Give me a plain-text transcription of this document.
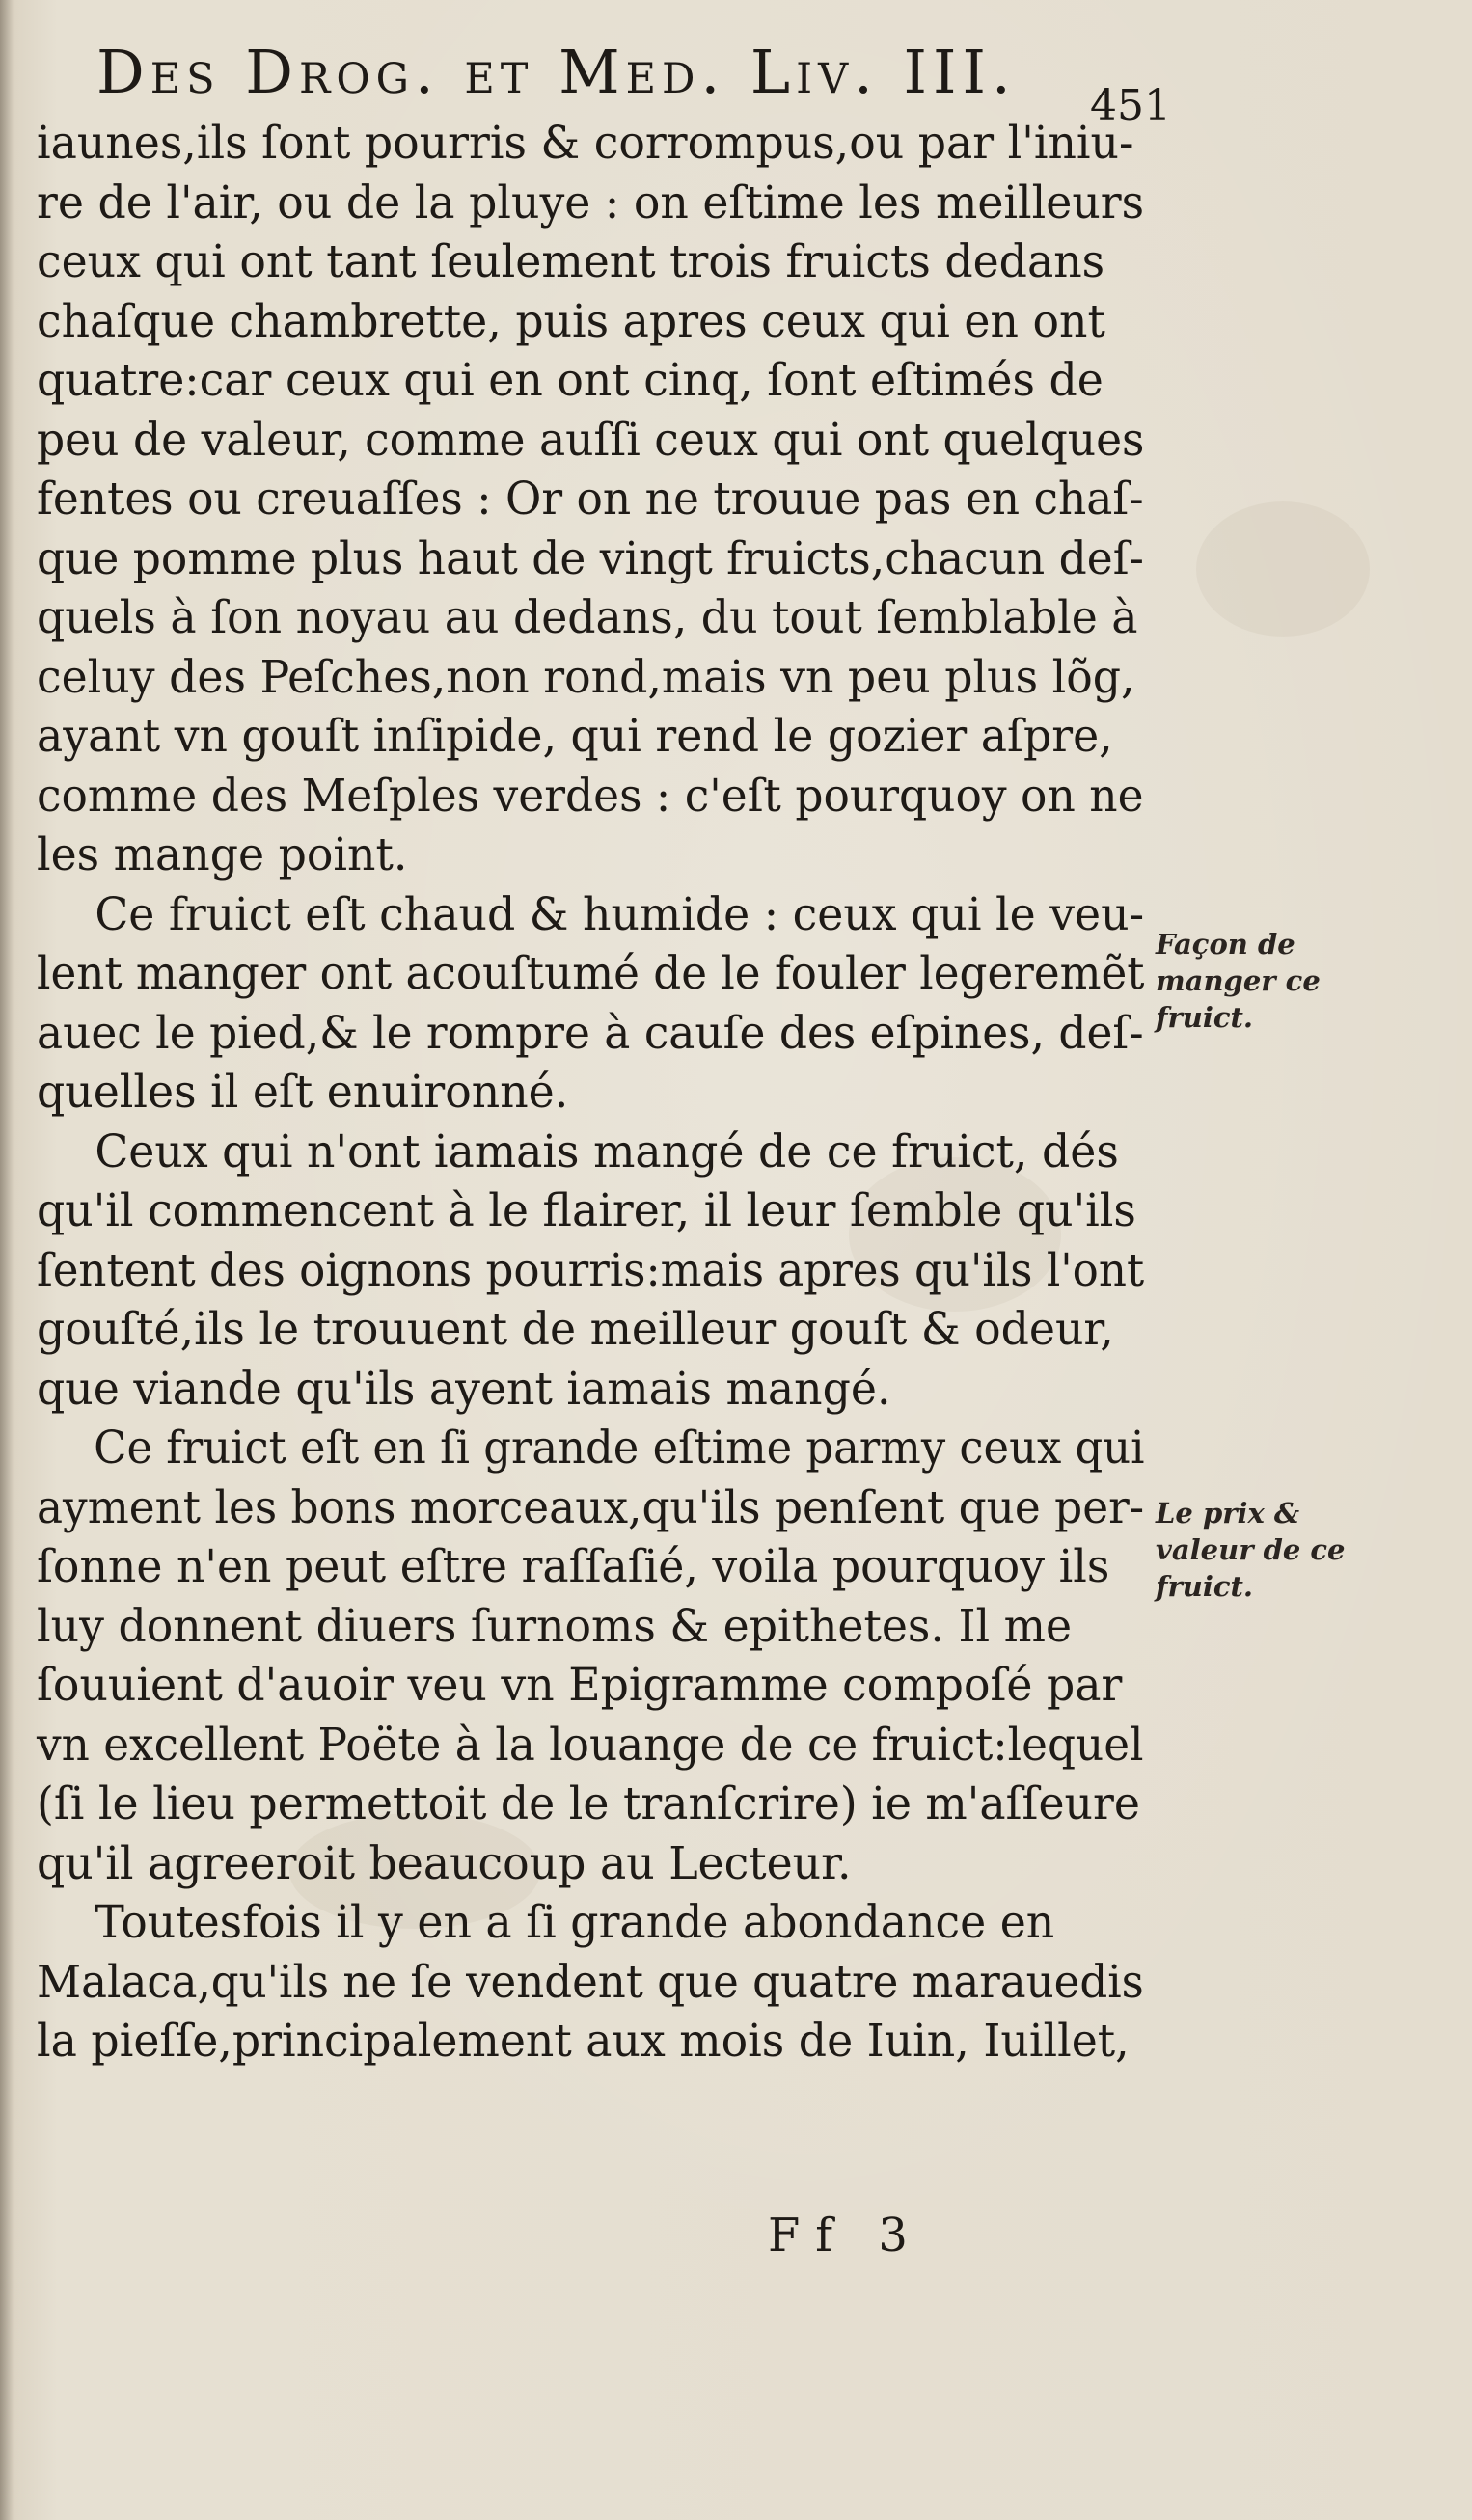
Des Drog. et Med. Liv. III. 451
iaunes,ils ſont pourris & corrompus,ou par l'iniu-
re de l'air, ou de la pluye : on eſtime les meilleurs
ceux qui ont tant ſeulement trois fruicts dedans
chaſque chambrette, puis apres ceux qui en ont
quatre:car ceux qui en ont cinq, ſont eſtimés de
peu de valeur, comme auſſi ceux qui ont quelques
fentes ou creuaſſes : Or on ne trouue pas en chaſ-
que pomme plus haut de vingt fruicts,chacun deſ-
quels à ſon noyau au dedans, du tout ſemblable à
celuy des Peſches,non rond,mais vn peu plus lõg,
ayant vn gouſt inſipide, qui rend le gozier aſpre,
comme des Meſples verdes : c'eſt pourquoy on ne
les mange point.
Ce fruict eſt chaud & humide : ceux qui le veu-
lent manger ont acouſtumé de le fouler legeremẽt
auec le pied,& le rompre à cauſe des eſpines, deſ-
quelles il eſt enuironné.
Ceux qui n'ont iamais mangé de ce fruict, dés
qu'il commencent à le flairer, il leur ſemble qu'ils
ſentent des oignons pourris:mais apres qu'ils l'ont
gouſté,ils le trouuent de meilleur gouſt & odeur,
que viande qu'ils ayent iamais mangé.
Ce fruict eſt en ſi grande eſtime parmy ceux qui
ayment les bons morceaux,qu'ils penſent que per-
ſonne n'en peut eſtre raſſaſié, voila pourquoy ils
luy donnent diuers ſurnoms & epithetes. Il me
ſouuient d'auoir veu vn Epigramme compoſé par
vn excellent Poëte à la louange de ce fruict:lequel
(ſi le lieu permettoit de le tranſcrire) ie m'aſſeure
qu'il agreeroit beaucoup au Lecteur.
Toutesfois il y en a ſi grande abondance en
Malaca,qu'ils ne ſe vendent que quatre marauedis
la pieſſe,principalement aux mois de Iuin, Iuillet,
Façon de
manger ce
fruict.
Le prix &
valeur de ce
fruict.
Ff 3
